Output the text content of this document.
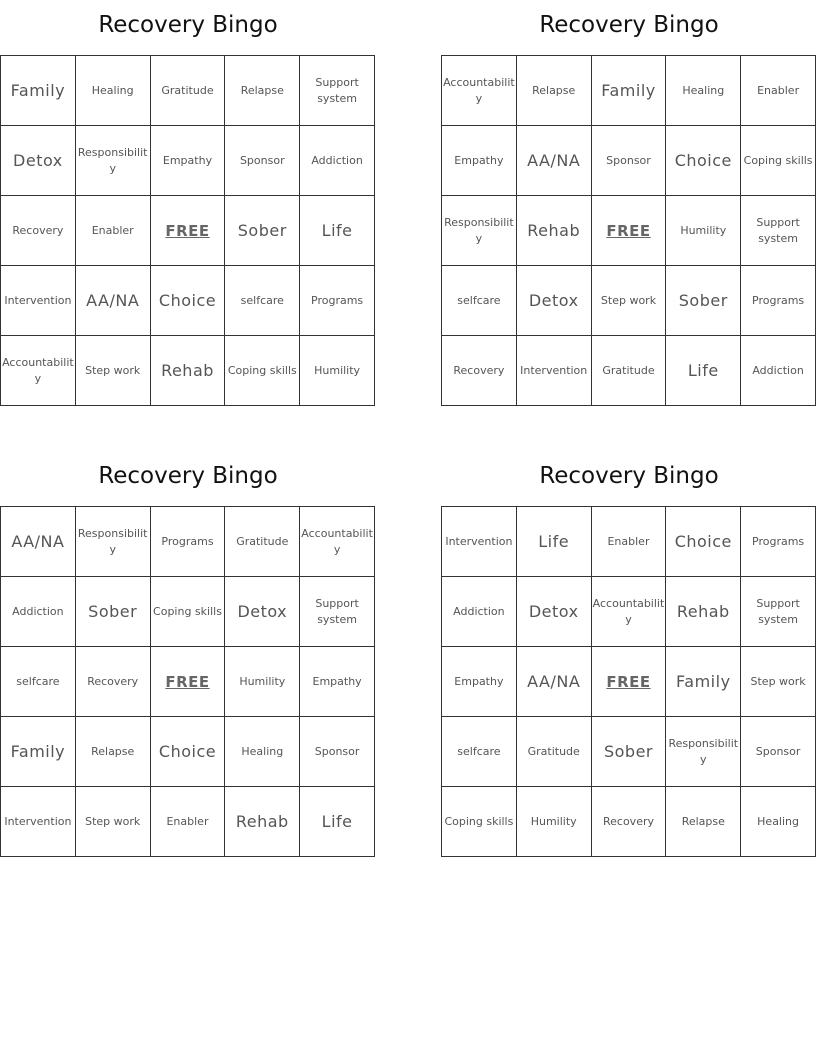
Recovery Bingo
Family	Healing	Gratitude	Relapse	Support system
Detox	Responsibility	Empathy	Sponsor	Addiction
Recovery	Enabler	FREE	Sober	Life
Intervention	AA/NA	Choice	selfcare	Programs
Accountability	Step work	Rehab	Coping skills	Humility
Recovery Bingo
Accountability	Relapse	Family	Healing	Enabler
Empathy	AA/NA	Sponsor	Choice	Coping skills
Responsibility	Rehab	FREE	Humility	Support system
selfcare	Detox	Step work	Sober	Programs
Recovery	Intervention	Gratitude	Life	Addiction
Recovery Bingo
AA/NA	Responsibility	Programs	Gratitude	Accountability
Addiction	Sober	Coping skills	Detox	Support system
selfcare	Recovery	FREE	Humility	Empathy
Family	Relapse	Choice	Healing	Sponsor
Intervention	Step work	Enabler	Rehab	Life
Recovery Bingo
Intervention	Life	Enabler	Choice	Programs
Addiction	Detox	Accountability	Rehab	Support system
Empathy	AA/NA	FREE	Family	Step work
selfcare	Gratitude	Sober	Responsibility	Sponsor
Coping skills	Humility	Recovery	Relapse	Healing
